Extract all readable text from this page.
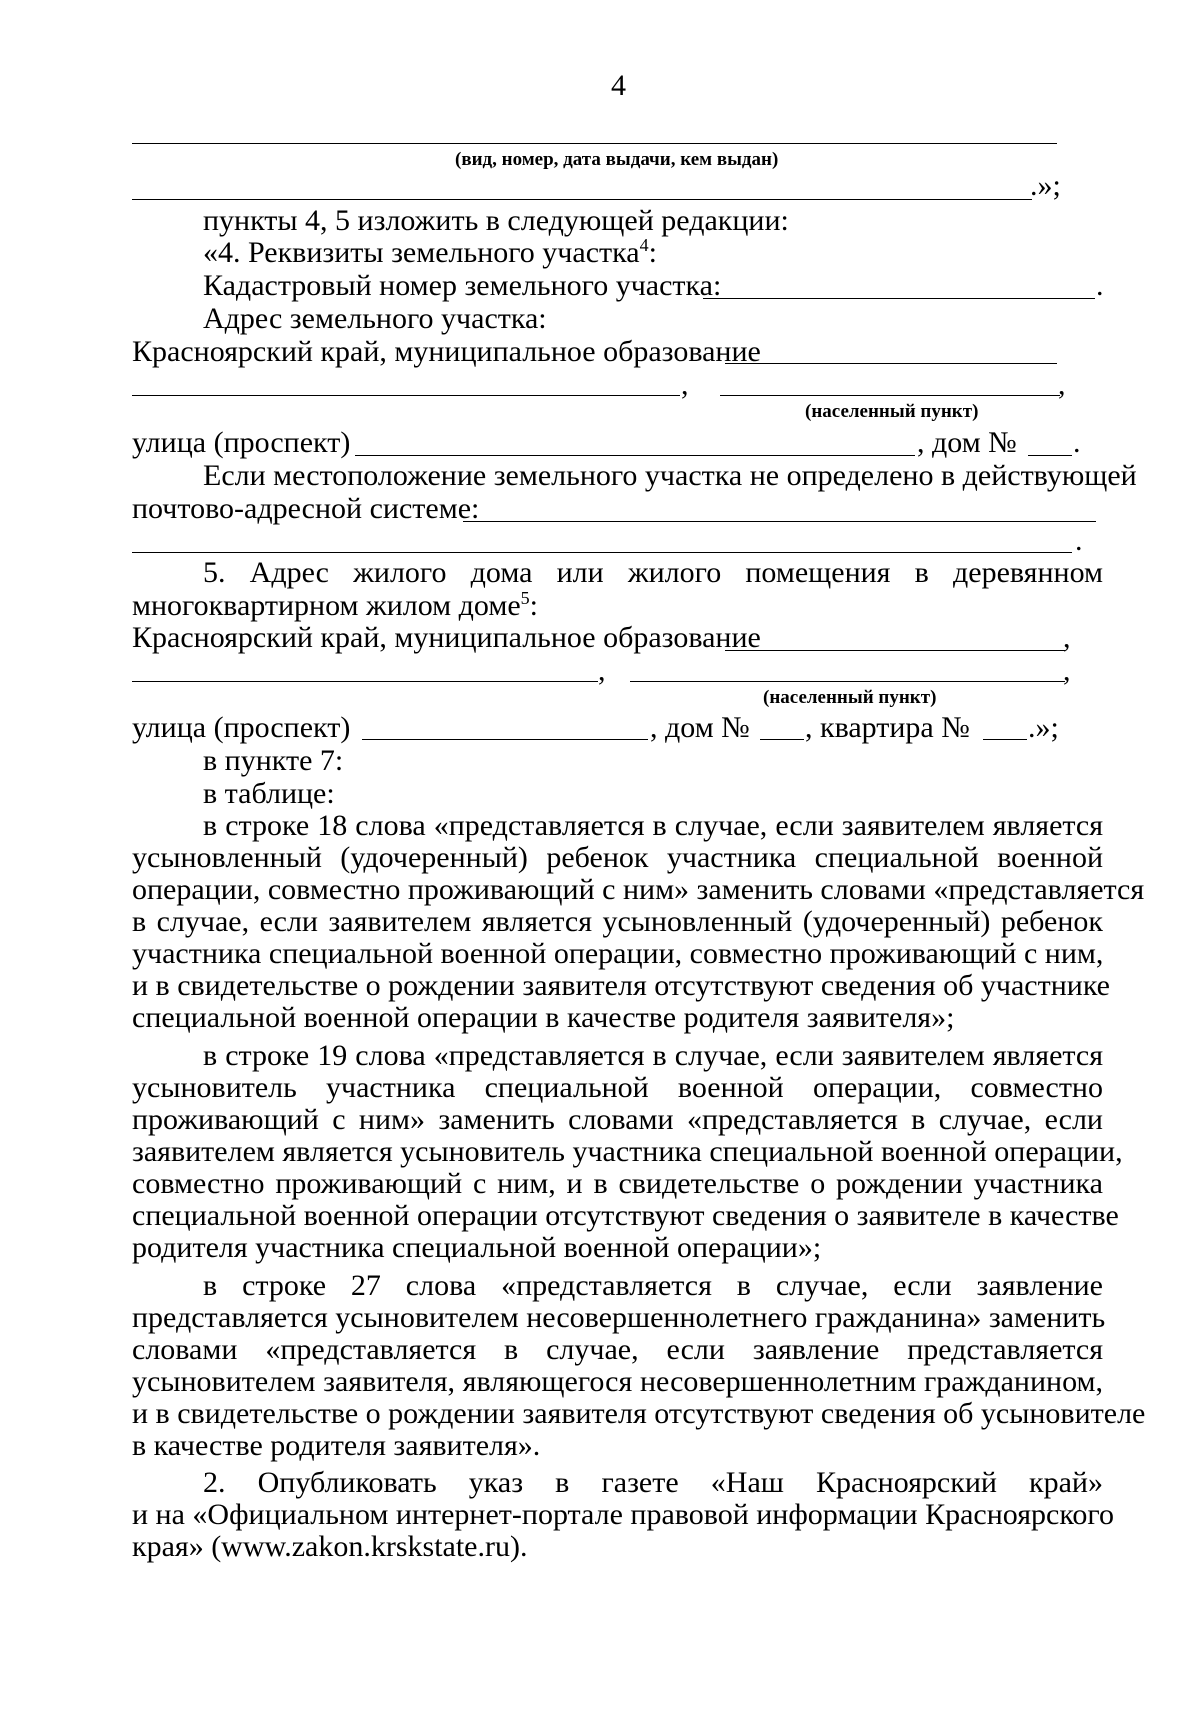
4
(вид, номер, дата выдачи, кем выдан)
.»;
пункты 4, 5 изложить в следующей редакции:
«4. Реквизиты земельного участка$^4$:
Кадастровый номер земельного участка:	.
Адрес земельного участка:
Красноярский край, муниципальное образование
,	,
(населенный пункт)
улица (проспект)	, дом № .
Если местоположение земельного участка не определено в действующей
почтово-адресной системе:
.
5. Адрес жилого дома или жилого помещения в деревянном
многоквартирном жилом доме$^5$:
Красноярский край, муниципальное образование	,
,	,
(населенный пункт)
улица (проспект)	, дом № , квартира № .»;
в пункте 7:
в таблице:
в строке 18 слова «представляется в случае, если заявителем является
усыновленный (удочеренный) ребенок участника специальной военной
операции, совместно проживающий с ним» заменить словами «представляется
в случае, если заявителем является усыновленный (удочеренный) ребенок
участника специальной военной операции, совместно проживающий с ним,
и в свидетельстве о рождении заявителя отсутствуют сведения об участнике
специальной военной операции в качестве родителя заявителя»;
в строке 19 слова «представляется в случае, если заявителем является
усыновитель участника специальной военной операции, совместно
проживающий с ним» заменить словами «представляется в случае, если
заявителем является усыновитель участника специальной военной операции,
совместно проживающий с ним, и в свидетельстве о рождении участника
специальной военной операции отсутствуют сведения о заявителе в качестве
родителя участника специальной военной операции»;
в строке 27 слова «представляется в случае, если заявление
представляется усыновителем несовершеннолетнего гражданина» заменить
словами «представляется в случае, если заявление представляется
усыновителем заявителя, являющегося несовершеннолетним гражданином,
и в свидетельстве о рождении заявителя отсутствуют сведения об усыновителе
в качестве родителя заявителя».
2. Опубликовать указ в газете «Наш Красноярский край»
и на «Официальном интернет-портале правовой информации Красноярского
края» (www.zakon.krskstate.ru).
